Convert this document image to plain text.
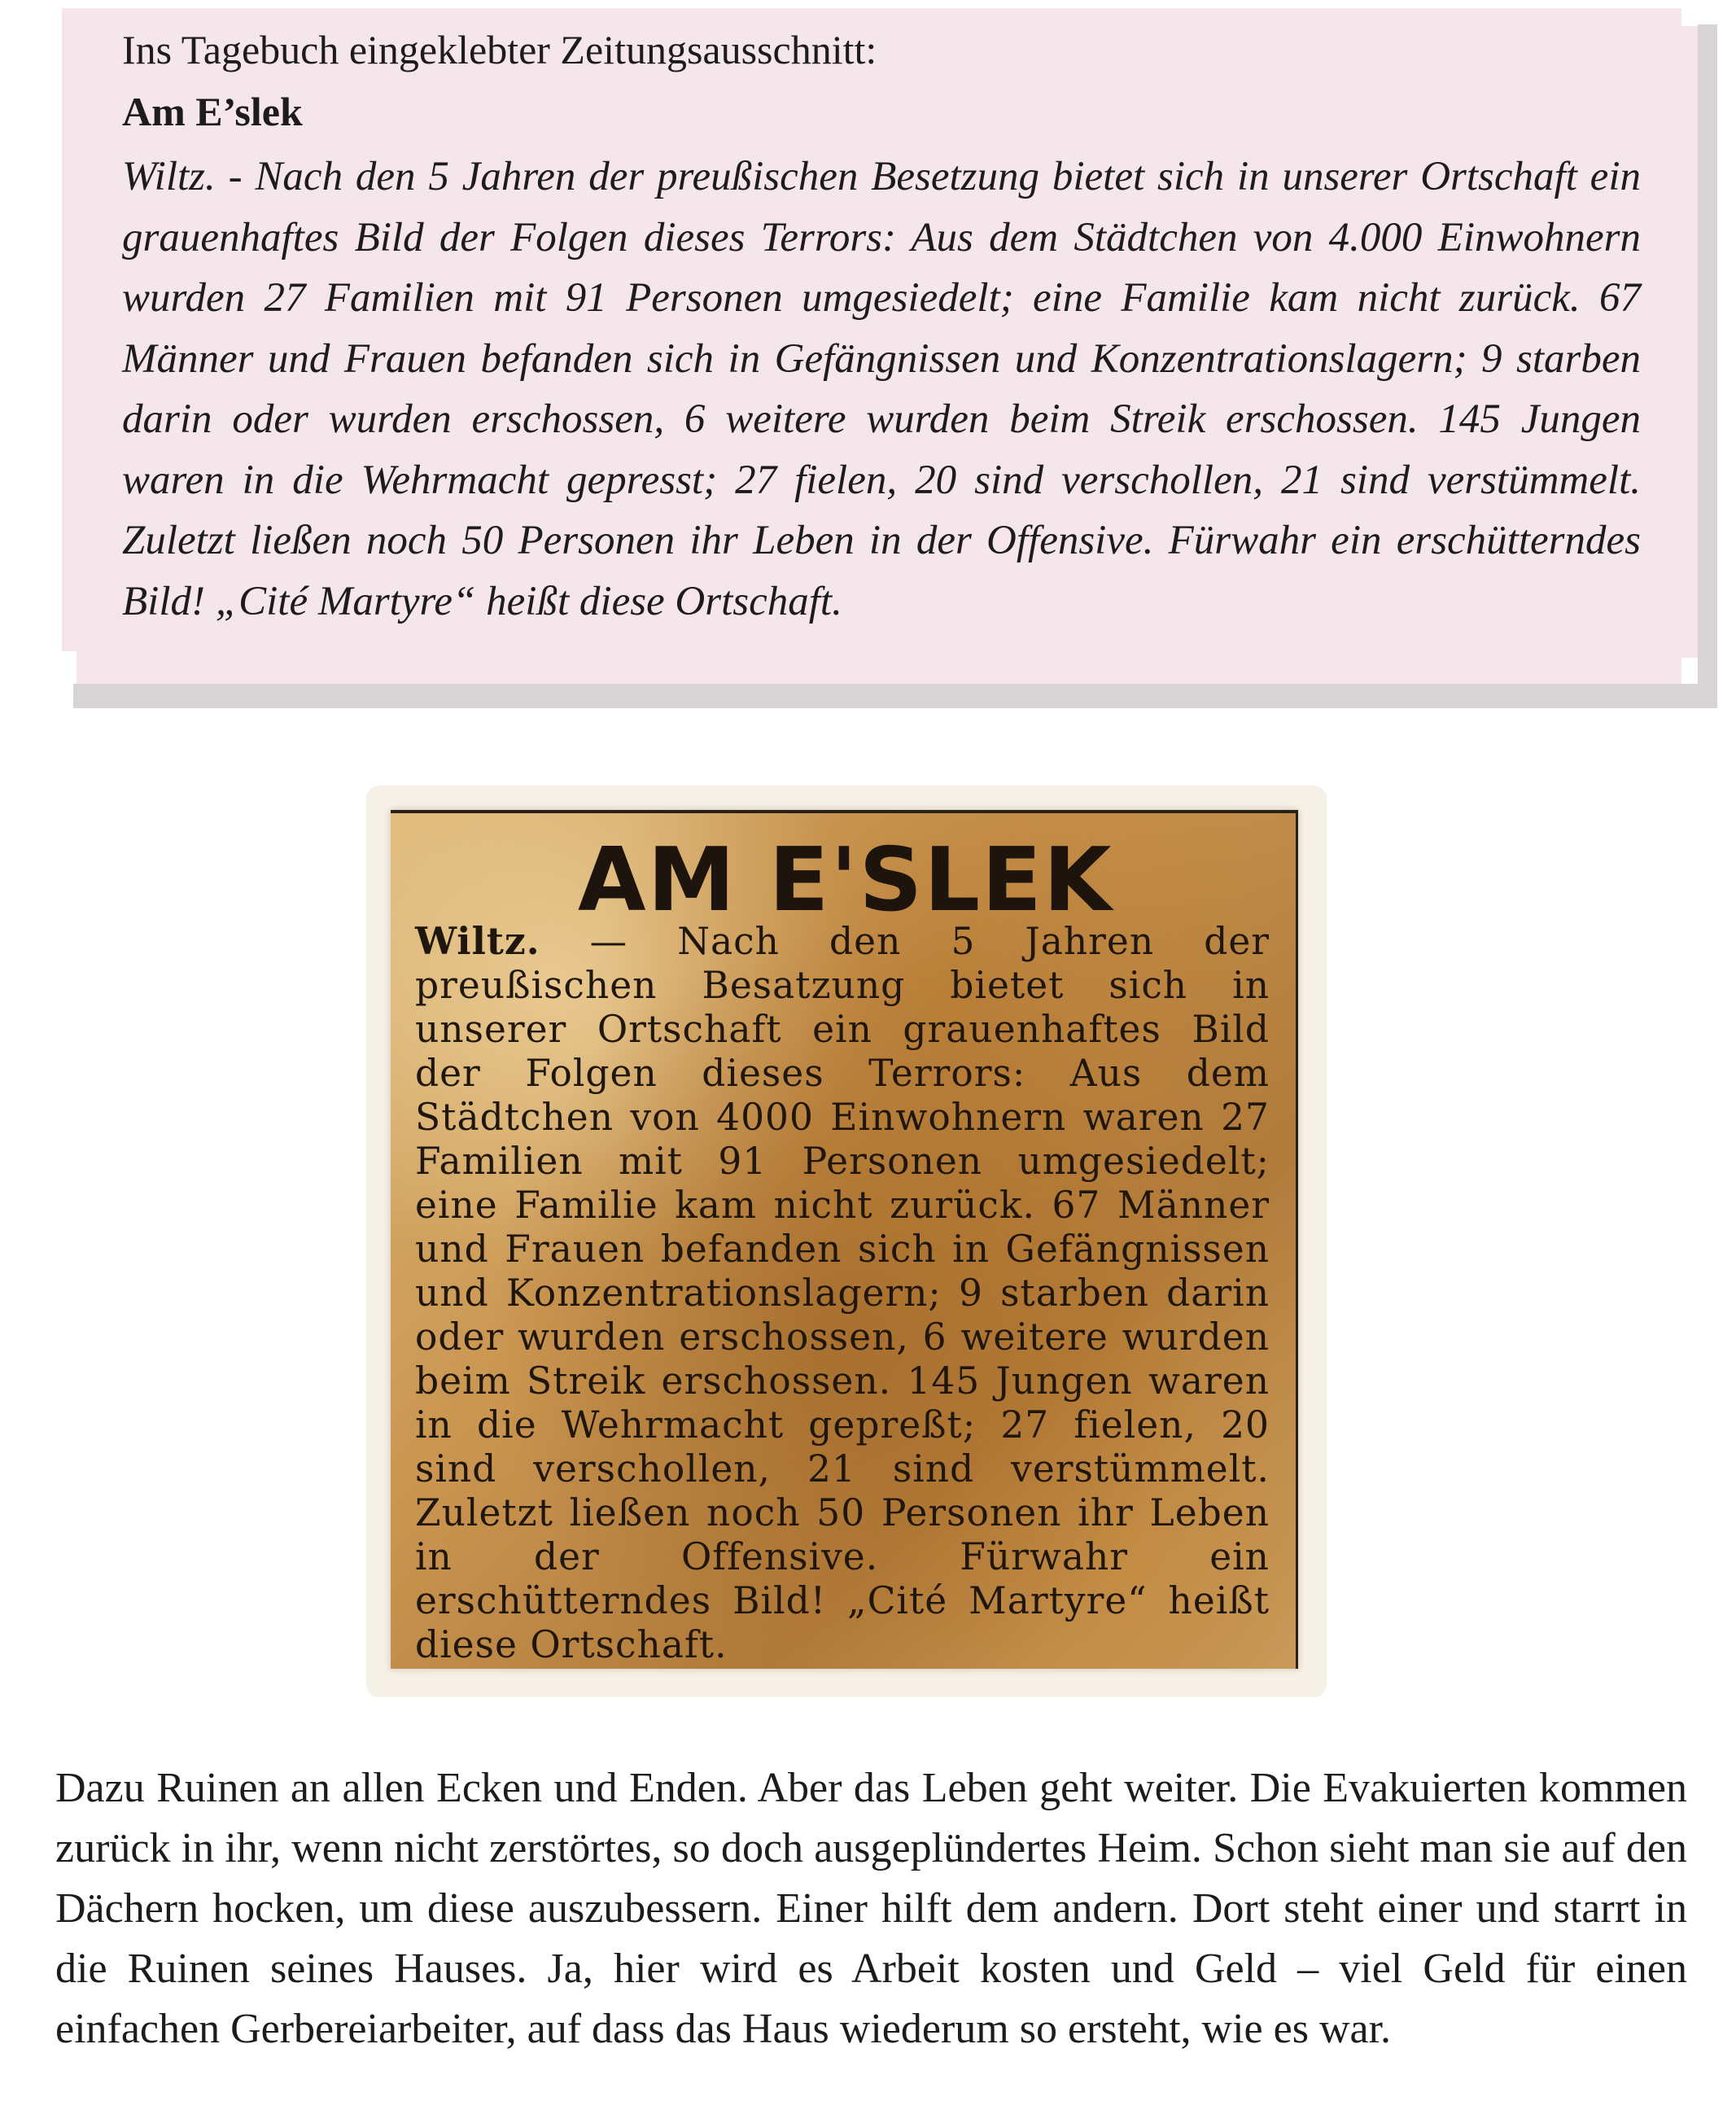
Ins Tagebuch eingeklebter Zeitungsausschnitt:

Am E’slek

Wiltz. - Nach den 5 Jahren der preußischen Besetzung bietet sich in unserer Ortschaft ein grauenhaftes Bild der Folgen dieses Terrors: Aus dem Städtchen von 4.000 Einwohnern wurden 27 Familien mit 91 Personen umgesiedelt; eine Familie kam nicht zurück. 67 Männer und Frauen befanden sich in Gefängnissen und Konzentrationslagern; 9 starben darin oder wurden erschossen, 6 weitere wurden beim Streik erschossen. 145 Jungen waren in die Wehrmacht gepresst; 27 fielen, 20 sind verschollen, 21 sind verstümmelt. Zuletzt ließen noch 50 Personen ihr Leben in der Offensive. Fürwahr ein erschütterndes Bild! „Cité Martyre“ heißt diese Ortschaft.

AM E'SLEK

Wiltz. — Nach den 5 Jahren der preußischen Besatzung bietet sich in unserer Ortschaft ein grauenhaftes Bild der Folgen dieses Terrors: Aus dem Städtchen von 4000 Einwohnern waren 27 Familien mit 91 Personen umgesiedelt; eine Familie kam nicht zurück. 67 Männer und Frauen befanden sich in Gefängnissen und Konzentrationslagern; 9 starben darin oder wurden erschossen, 6 weitere wurden beim Streik erschossen. 145 Jungen waren in die Wehrmacht gepreßt; 27 fielen, 20 sind verschollen, 21 sind verstümmelt. Zuletzt ließen noch 50 Personen ihr Leben in der Offensive. Fürwahr ein erschütterndes Bild! „Cité Martyre“ heißt diese Ortschaft.

Dazu Ruinen an allen Ecken und Enden. Aber das Leben geht weiter. Die Evakuierten kommen zurück in ihr, wenn nicht zerstörtes, so doch ausgeplündertes Heim. Schon sieht man sie auf den Dächern hocken, um diese auszubessern. Einer hilft dem andern. Dort steht einer und starrt in die Ruinen seines Hauses. Ja, hier wird es Arbeit kosten und Geld – viel Geld für einen einfachen Gerbereiarbeiter, auf dass das Haus wiederum so ersteht, wie es war.
